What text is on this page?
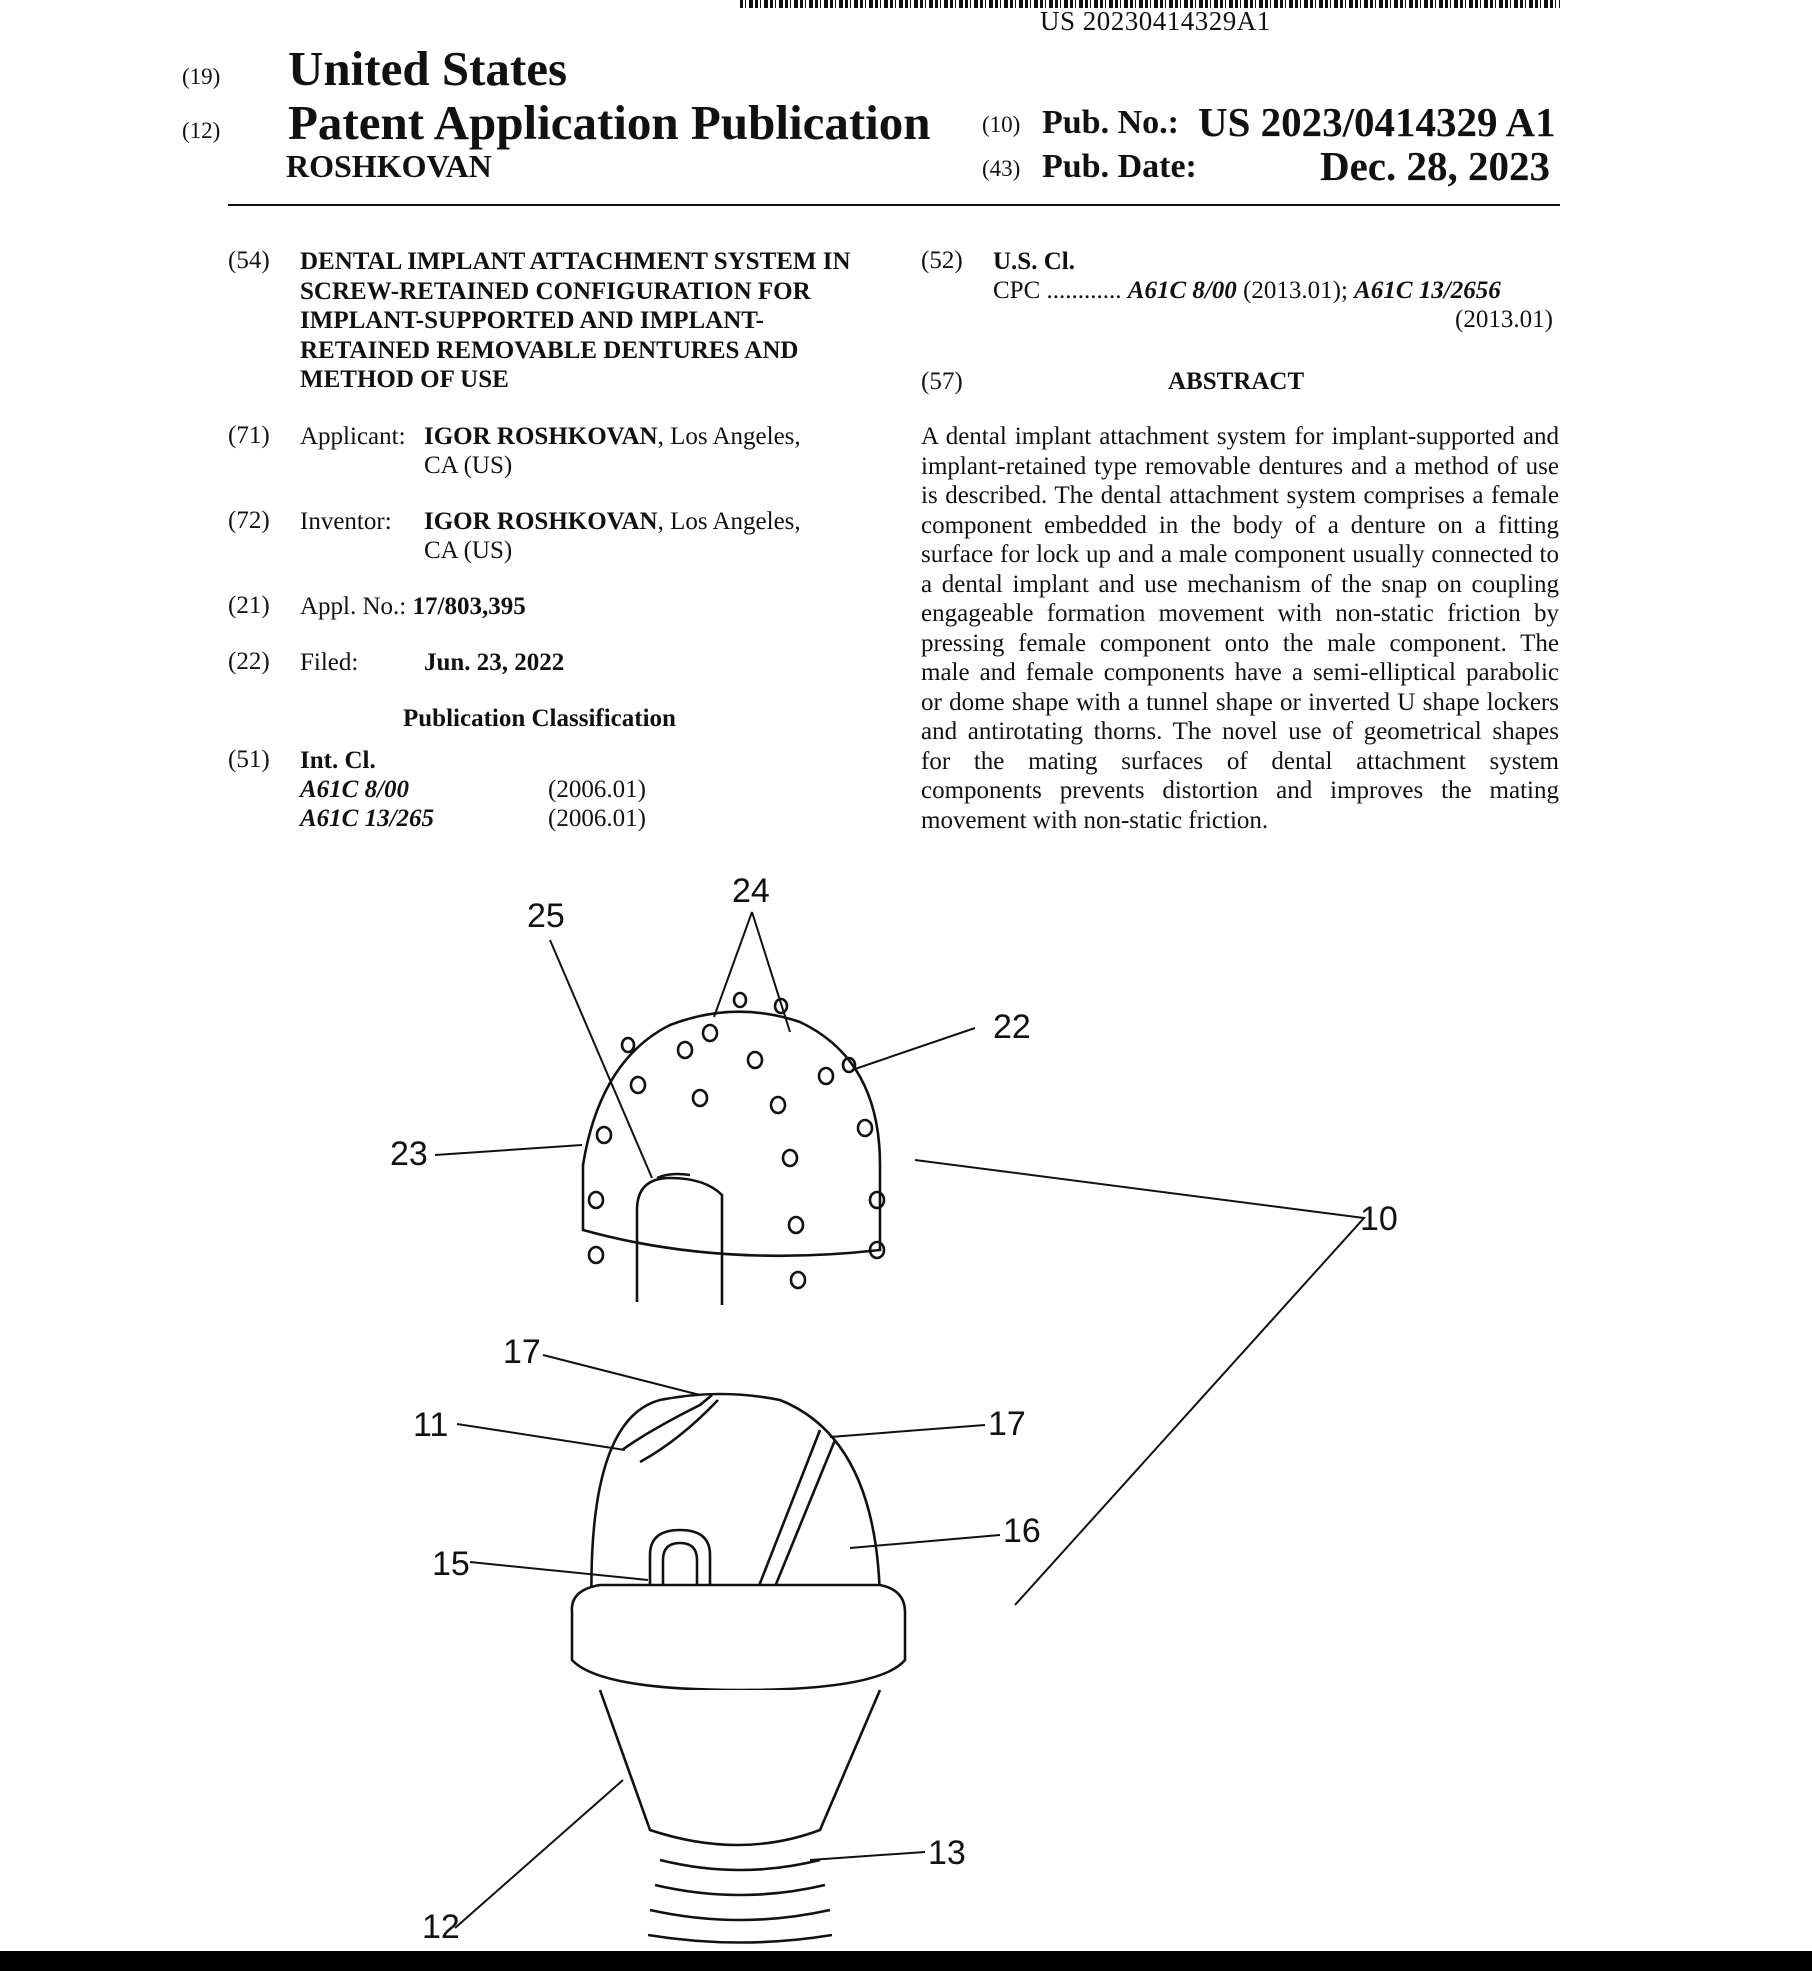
US 20230414329A1
(19) United States
(12) Patent Application Publication
ROSHKOVAN
(10) Pub. No.: US 2023/0414329 A1
(43) Pub. Date:	Dec. 28, 2023
(54) DENTAL IMPLANT ATTACHMENT SYSTEM IN SCREW-RETAINED CONFIGURATION FOR IMPLANT-SUPPORTED AND IMPLANT-RETAINED REMOVABLE DENTURES AND METHOD OF USE
(71) Applicant: IGOR ROSHKOVAN, Los Angeles,
CA (US)
(72) Inventor: IGOR ROSHKOVAN, Los Angeles,
CA (US)
(21) Appl. No.: 17/803,395
(22) Filed:	Jun. 23, 2022
Publication Classification
(51) Int. Cl.
A61C 8/00	(2006.01)
A61C 13/265	(2006.01)
(52) U.S. Cl.
CPC ............ A61C 8/00 (2013.01); A61C 13/2656
(2013.01)
(57)	ABSTRACT
A dental implant attachment system for implant-supported and implant-retained type removable dentures and a method of use is described. The dental attachment system comprises a female component embedded in the body of a denture on a fitting surface for lock up and a male component usually connected to a dental implant and use mechanism of the snap on coupling engageable formation movement with non-static friction by pressing female component onto the male component. The male and female components have a semi-elliptical parabolic or dome shape with a tunnel shape or inverted U shape lockers and antirotating thorns. The novel use of geometrical shapes for the mating surfaces of dental attachment system components prevents distortion and improves the mating movement with non-static friction.
24
25
22
23
10
17
11	17
16
15
13
12
